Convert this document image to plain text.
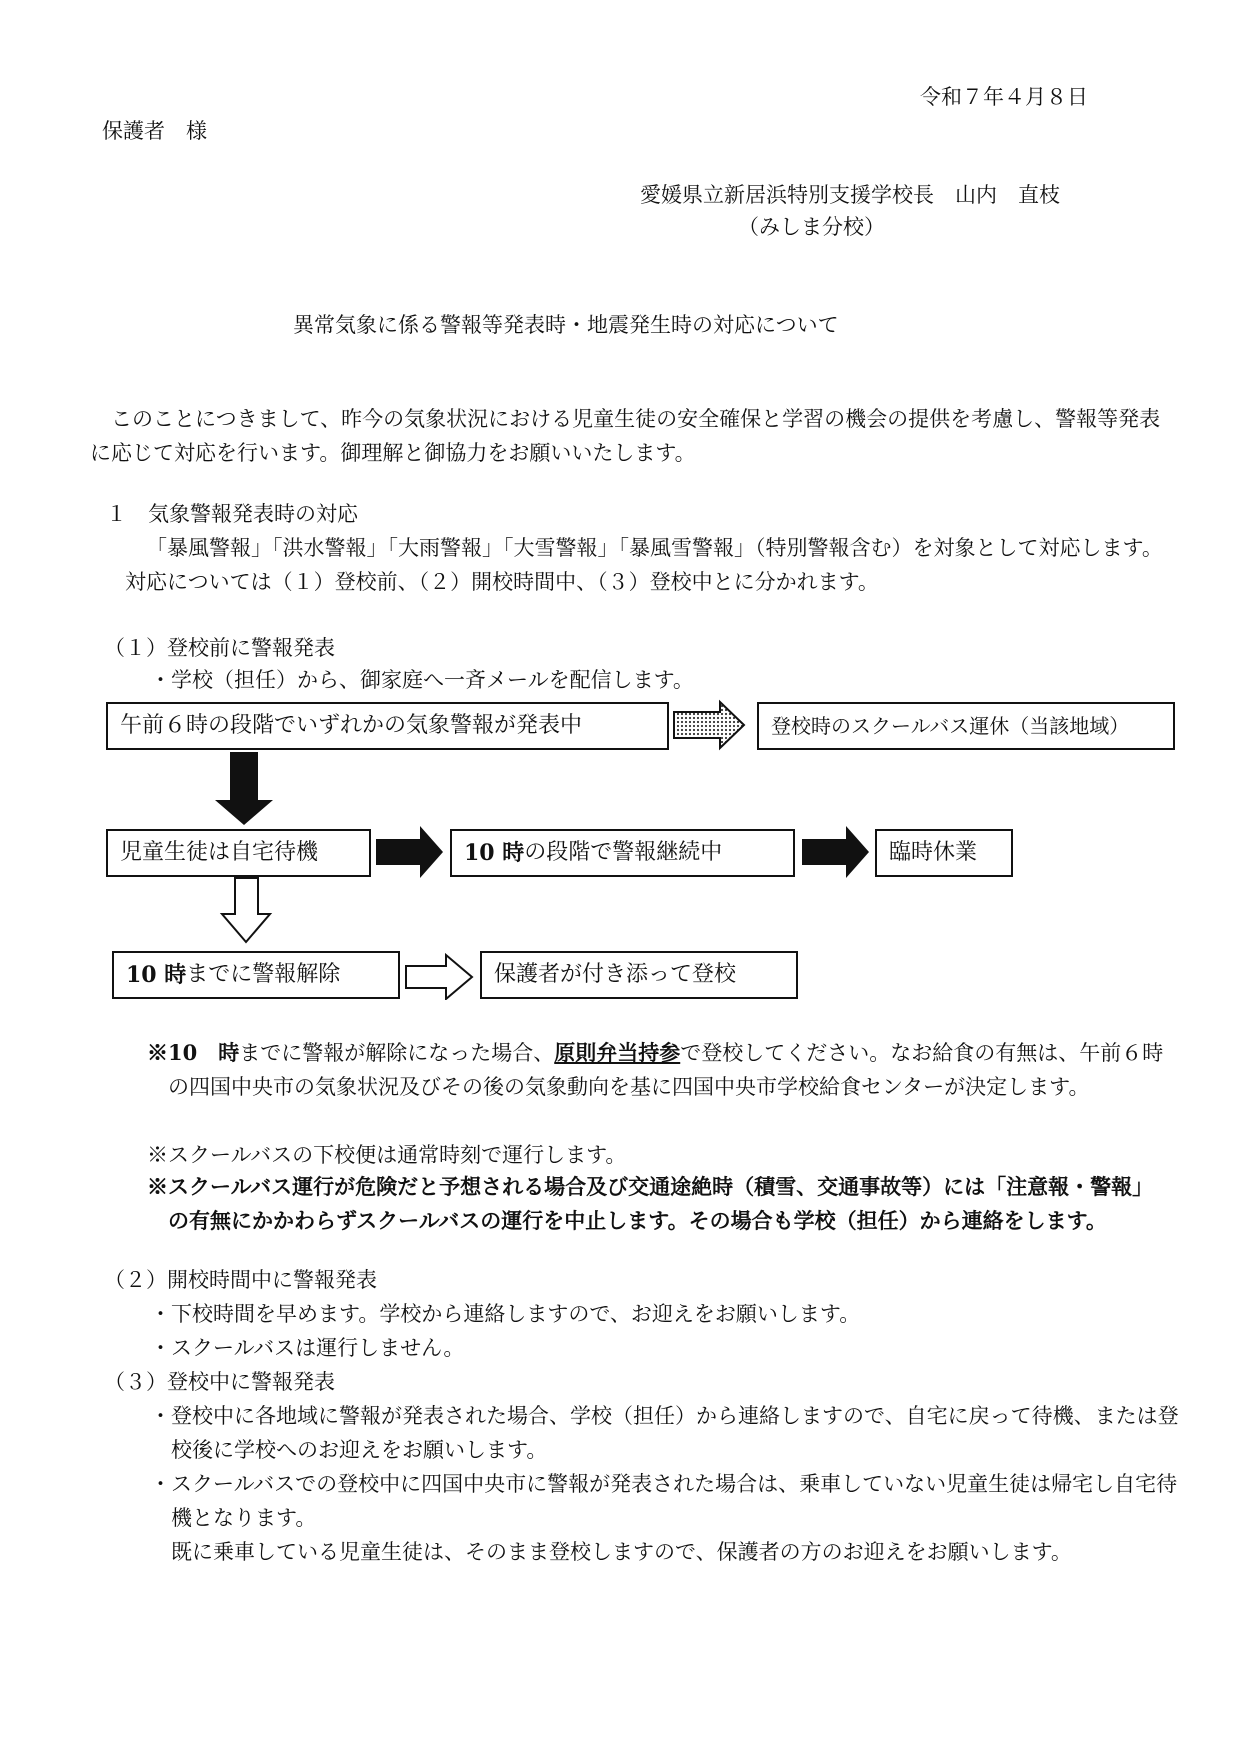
令和７年４月８日
保護者　様
愛媛県立新居浜特別支援学校長　山内　直枝
（みしま分校）
異常気象に係る警報等発表時・地震発生時の対応について
このことにつきまして、昨今の気象状況における児童生徒の安全確保と学習の機会の提供を考慮し、警報等発表に応じて対応を行います。御理解と御協力をお願いいたします。
１　気象警報発表時の対応
「暴風警報」「洪水警報」「大雨警報」「大雪警報」「暴風雪警報」（特別警報含む）を対象として対応します。対応については（１）登校前、（２）開校時間中、（３）登校中とに分かれます。
（１）登校前に警報発表
・学校（担任）から、御家庭へ一斉メールを配信します。
午前６時の段階でいずれかの気象警報が発表中	登校時のスクールバス運休（当該地域）
児童生徒は自宅待機	10 時 の段階で警報継続中	臨時休業
10 時 までに警報解除	保護者が付き添って登校
※10　時までに警報が解除になった場合、原則弁当持参で登校してください。なお給食の有無は、午前６時の四国中央市の気象状況及びその後の気象動向を基に四国中央市学校給食センターが決定します。
※スクールバスの下校便は通常時刻で運行します。
※スクールバス運行が危険だと予想される場合及び交通途絶時（積雪、交通事故等）には「注意報・警報」の有無にかかわらずスクールバスの運行を中止します。その場合も学校（担任）から連絡をします。
（２）開校時間中に警報発表
・下校時間を早めます。学校から連絡しますので、お迎えをお願いします。
・スクールバスは運行しません。
（３）登校中に警報発表
・登校中に各地域に警報が発表された場合、学校（担任）から連絡しますので、自宅に戻って待機、または登校後に学校へのお迎えをお願いします。
・スクールバスでの登校中に四国中央市に警報が発表された場合は、乗車していない児童生徒は帰宅し自宅待機となります。
既に乗車している児童生徒は、そのまま登校しますので、保護者の方のお迎えをお願いします。
